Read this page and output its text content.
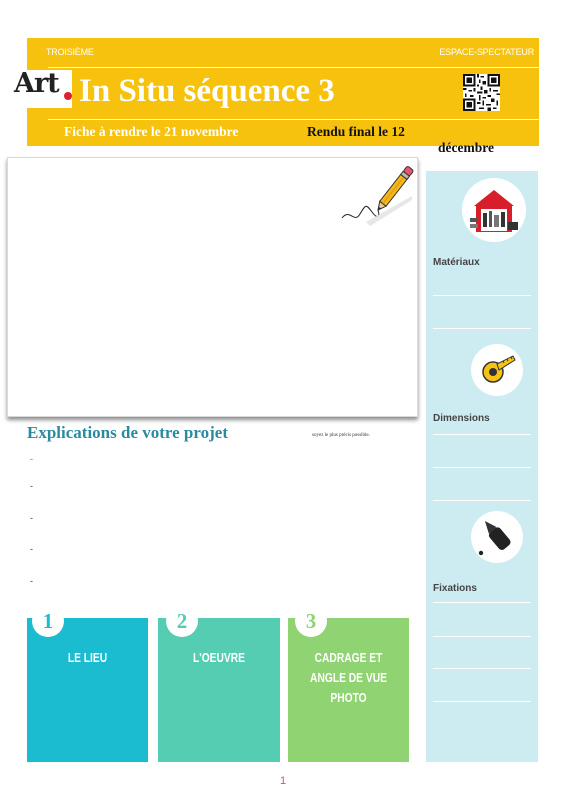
TROISIÈME	ESPACE-SPECTATEUR
Art In Situ séquence 3
Fiche à rendre le 21 novembre	Rendu final le 12
décembre
Explications de votre projet	soyez le plus précis possible.
-
-
-
-
-
Matériaux
Dimensions
Fixations
1
LE LIEU
2
L'OEUVRE
3
CADRAGE ET ANGLE DE VUE PHOTO
1
